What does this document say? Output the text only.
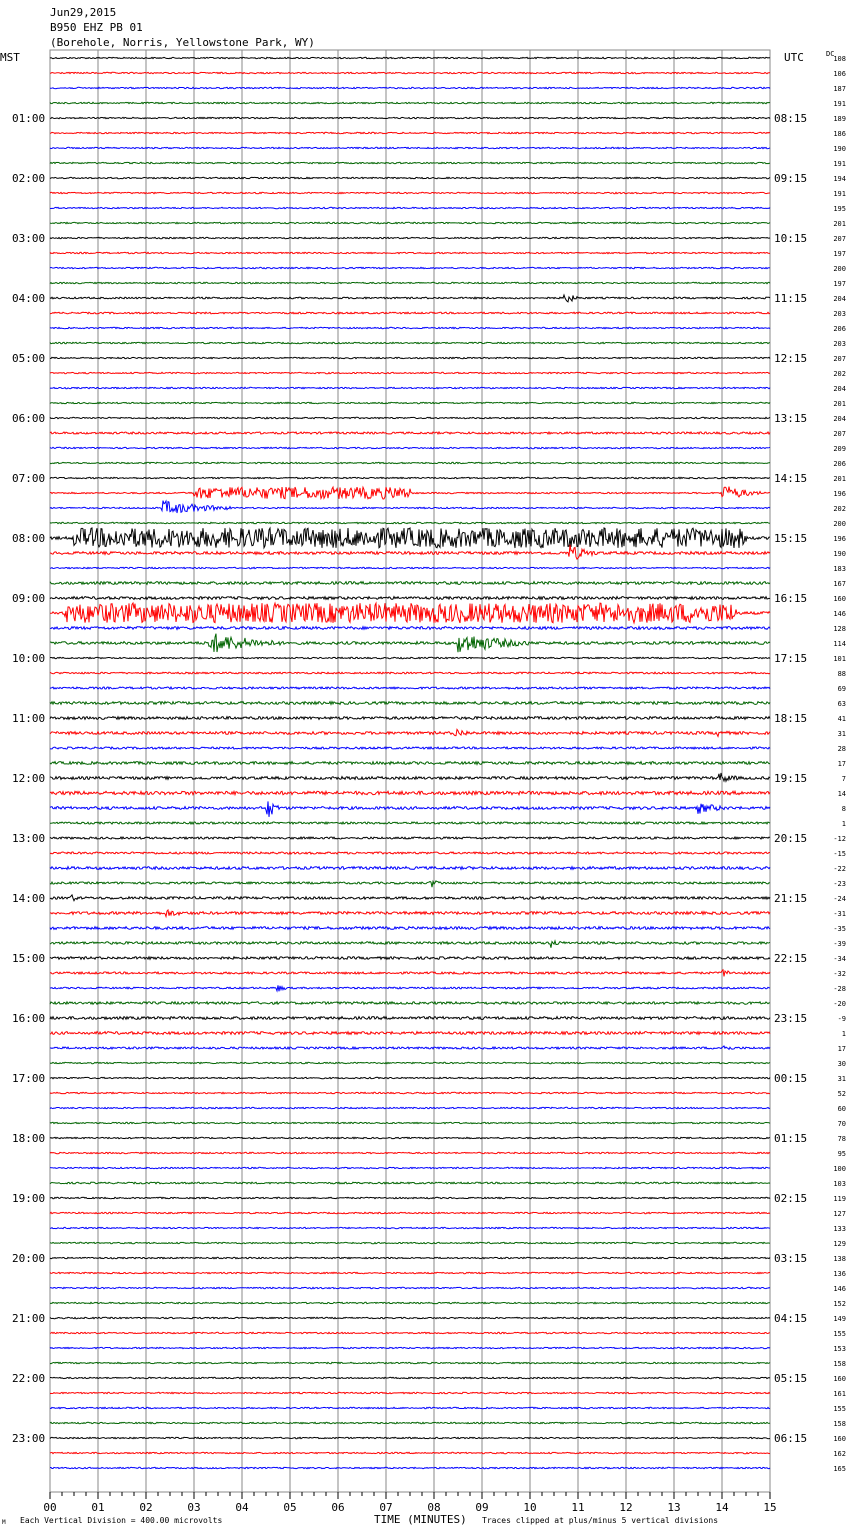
Jun29,2015
B950 EHZ PB 01
(Borehole, Norris, Yellowstone Park, WY)
MST	UTC	DC
01:00
02:00
03:00
04:00
05:00
06:00
07:00
08:00
09:00
10:00
11:00
12:00
13:00
14:00
15:00
16:00
17:00
18:00
19:00
20:00
21:00
22:00
23:00
08:15
09:15
10:15
11:15
12:15
13:15
14:15
15:15
16:15
17:15
18:15
19:15
20:15
21:15
22:15
23:15
00:15
01:15
02:15
03:15
04:15
05:15
06:15
108
106
187
191
189
186
190
191
194
191
195
201
207
197
200
197
204
203
206
203
207
202
204
201
204
207
209
206
201
196
202
200
196
190
183
167
160
146
128
114
101
88
69
63
41
31
28
17
7
14
8
1
-12
-15
-22
-23
-24
-31
-35
-39
-34
-32
-28
-20
-9
1
17
30
31
52
60
70
78
95
100
103
119
127
133
129
138
136
146
152
149
155
153
158
160
161
155
158
160
162
165
00	01	02	03	04	05	06	07	08	09	10	11	12	13	14	15
M Each Vertical Division = 400.00 microvolts	TIME (MINUTES) Traces clipped at plus/minus 5 vertical divisions
